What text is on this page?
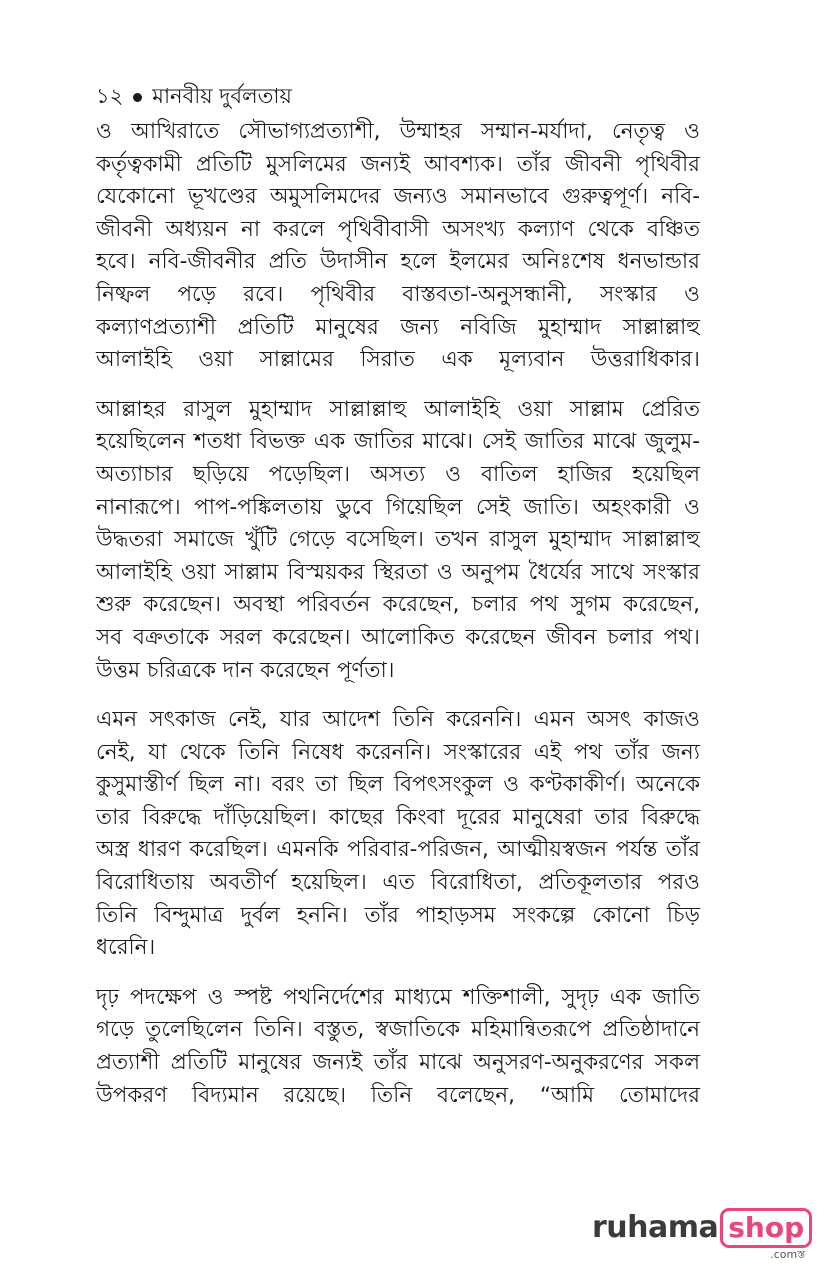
১২ মানবীয় দুর্বলতায়

ও আখিরাতে সৌভাগ্যপ্রত্যাশী, উম্মাহর সম্মান-মর্যাদা, নেতৃত্ব ও
কর্তৃত্বকামী প্রতিটি মুসলিমের জন্যই আবশ্যক। তাঁর জীবনী পৃথিবীর
যেকোনো ভূখণ্ডের অমুসলিমদের জন্যও সমানভাবে গুরুত্বপূর্ণ। নবি-
জীবনী অধ্যয়ন না করলে পৃথিবীবাসী অসংখ্য কল্যাণ থেকে বঞ্চিত
হবে। নবি-জীবনীর প্রতি উদাসীন হলে ইলমের অনিঃশেষ ধনভান্ডার
নিষ্ফল পড়ে রবে। পৃথিবীর বাস্তবতা-অনুসন্ধানী, সংস্কার ও
কল্যাণপ্রত্যাশী প্রতিটি মানুষের জন্য নবিজি মুহাম্মাদ সাল্লাল্লাহু
আলাইহি ওয়া সাল্লামের সিরাত এক মূল্যবান উত্তরাধিকার।

আল্লাহর রাসুল মুহাম্মাদ সাল্লাল্লাহু আলাইহি ওয়া সাল্লাম প্রেরিত
হয়েছিলেন শতধা বিভক্ত এক জাতির মাঝে। সেই জাতির মাঝে জুলুম-
অত্যাচার ছড়িয়ে পড়েছিল। অসত্য ও বাতিল হাজির হয়েছিল
নানারূপে। পাপ-পঙ্কিলতায় ডুবে গিয়েছিল সেই জাতি। অহংকারী ও
উদ্ধতরা সমাজে খুঁটি গেড়ে বসেছিল। তখন রাসুল মুহাম্মাদ সাল্লাল্লাহু
আলাইহি ওয়া সাল্লাম বিস্ময়কর স্থিরতা ও অনুপম ধৈর্যের সাথে সংস্কার
শুরু করেছেন। অবস্থা পরিবর্তন করেছেন, চলার পথ সুগম করেছেন,
সব বক্রতাকে সরল করেছেন। আলোকিত করেছেন জীবন চলার পথ।
উত্তম চরিত্রকে দান করেছেন পূর্ণতা।

এমন সৎকাজ নেই, যার আদেশ তিনি করেননি। এমন অসৎ কাজও
নেই, যা থেকে তিনি নিষেধ করেননি। সংস্কারের এই পথ তাঁর জন্য
কুসুমাস্তীর্ণ ছিল না। বরং তা ছিল বিপৎসংকুল ও কণ্টকাকীর্ণ। অনেকে
তার বিরুদ্ধে দাঁড়িয়েছিল। কাছের কিংবা দূরের মানুষেরা তার বিরুদ্ধে
অস্ত্র ধারণ করেছিল। এমনকি পরিবার-পরিজন, আত্মীয়স্বজন পর্যন্ত তাঁর
বিরোধিতায় অবতীর্ণ হয়েছিল। এত বিরোধিতা, প্রতিকূলতার পরও
তিনি বিন্দুমাত্র দুর্বল হননি। তাঁর পাহাড়সম সংকল্পে কোনো চিড়
ধরেনি।

দৃঢ় পদক্ষেপ ও স্পষ্ট পথনির্দেশের মাধ্যমে শক্তিশালী, সুদৃঢ় এক জাতি
গড়ে তুলেছিলেন তিনি। বস্তুত, স্বজাতিকে মহিমান্বিতরূপে প্রতিষ্ঠাদানে
প্রত্যাশী প্রতিটি মানুষের জন্যই তাঁর মাঝে অনুসরণ-অনুকরণের সকল
উপকরণ বিদ্যমান রয়েছে। তিনি বলেছেন, “আমি তোমাদের

ruhama shop
.comস্ত
